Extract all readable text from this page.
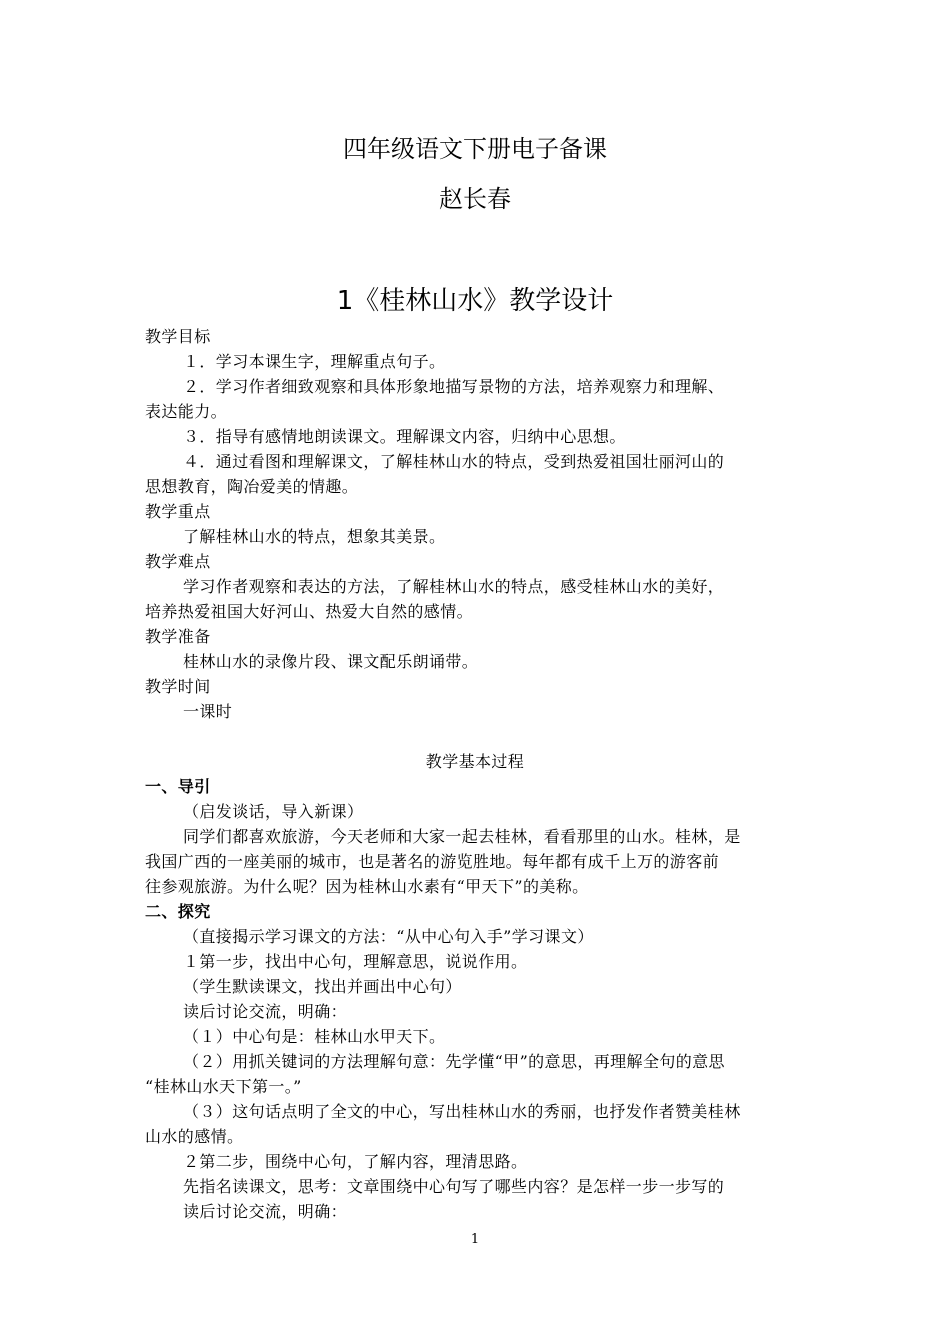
四年级语文下册电子备课
赵长春
1《桂林山水》教学设计
教学目标
１．学习本课生字，理解重点句子。
２．学习作者细致观察和具体形象地描写景物的方法，培养观察力和理解、
表达能力。
３．指导有感情地朗读课文。理解课文内容，归纳中心思想。
４．通过看图和理解课文，了解桂林山水的特点，受到热爱祖国壮丽河山的
思想教育，陶冶爱美的情趣。
教学重点
了解桂林山水的特点，想象其美景。
教学难点
学习作者观察和表达的方法，了解桂林山水的特点，感受桂林山水的美好，
培养热爱祖国大好河山、热爱大自然的感情。
教学准备
桂林山水的录像片段、课文配乐朗诵带。
教学时间
一课时
教学基本过程
一、导引
（启发谈话，导入新课）
同学们都喜欢旅游，今天老师和大家一起去桂林，看看那里的山水。桂林，是
我国广西的一座美丽的城市，也是著名的游览胜地。每年都有成千上万的游客前
往参观旅游。为什么呢？因为桂林山水素有“甲天下”的美称。
二、探究
（直接揭示学习课文的方法：“从中心句入手”学习课文）
１第一步，找出中心句，理解意思，说说作用。
（学生默读课文，找出并画出中心句）
读后讨论交流，明确：
（１）中心句是：桂林山水甲天下。
（２）用抓关键词的方法理解句意：先学懂“甲”的意思，再理解全句的意思
“桂林山水天下第一。”
（３）这句话点明了全文的中心，写出桂林山水的秀丽，也抒发作者赞美桂林
山水的感情。
２第二步，围绕中心句，了解内容，理清思路。
先指名读课文，思考：文章围绕中心句写了哪些内容？是怎样一步一步写的
读后讨论交流，明确：
1
